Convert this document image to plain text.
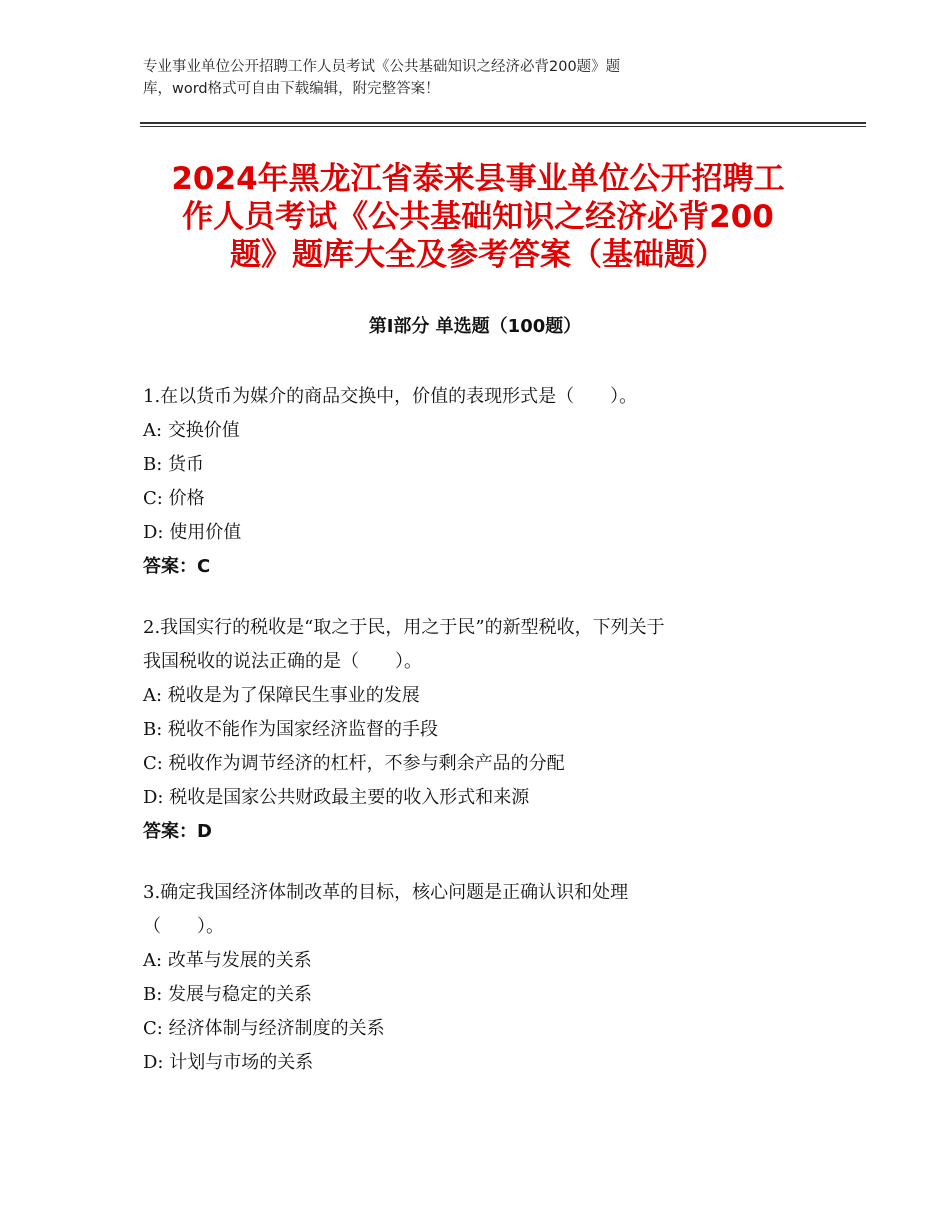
专业事业单位公开招聘工作人员考试《公共基础知识之经济必背200题》题
库，word格式可自由下载编辑，附完整答案！
2024年黑龙江省泰来县事业单位公开招聘工
作人员考试《公共基础知识之经济必背200
题》题库大全及参考答案（基础题）
第Ⅰ部分 单选题（100题）
1.在以货币为媒介的商品交换中，价值的表现形式是（　　）。
A: 交换价值
B: 货币
C: 价格
D: 使用价值
答案：C
2.我国实行的税收是“取之于民，用之于民”的新型税收，下列关于
我国税收的说法正确的是（　　）。
A: 税收是为了保障民生事业的发展
B: 税收不能作为国家经济监督的手段
C: 税收作为调节经济的杠杆，不参与剩余产品的分配
D: 税收是国家公共财政最主要的收入形式和来源
答案：D
3.确定我国经济体制改革的目标，核心问题是正确认识和处理
（　　）。
A: 改革与发展的关系
B: 发展与稳定的关系
C: 经济体制与经济制度的关系
D: 计划与市场的关系
